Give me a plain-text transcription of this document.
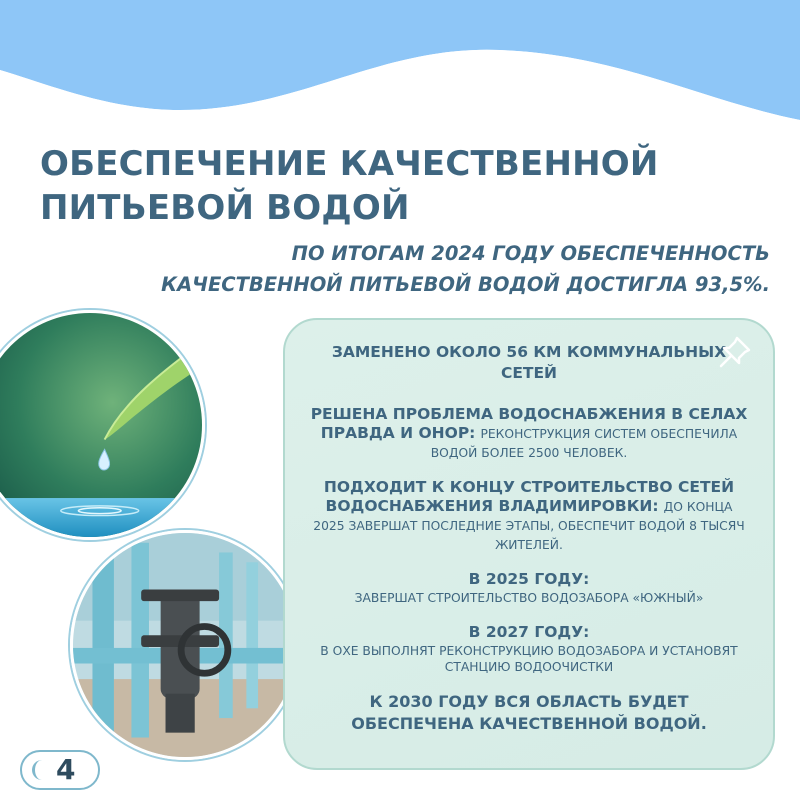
ОБЕСПЕЧЕНИЕ КАЧЕСТВЕННОЙ
ПИТЬЕВОЙ ВОДОЙ
ПО ИТОГАМ 2024 ГОДУ ОБЕСПЕЧЕННОСТЬ
КАЧЕСТВЕННОЙ ПИТЬЕВОЙ ВОДОЙ ДОСТИГЛА 93,5%.
ЗАМЕНЕНО ОКОЛО 56 КМ КОММУНАЛЬНЫХ СЕТЕЙ
РЕШЕНА ПРОБЛЕМА ВОДОСНАБЖЕНИЯ В СЕЛАХ ПРАВДА И ОНОР: РЕКОНСТРУКЦИЯ СИСТЕМ ОБЕСПЕЧИЛА ВОДОЙ БОЛЕЕ 2500 ЧЕЛОВЕК.
ПОДХОДИТ К КОНЦУ СТРОИТЕЛЬСТВО СЕТЕЙ ВОДОСНАБЖЕНИЯ ВЛАДИМИРОВКИ: ДО КОНЦА 2025 ЗАВЕРШАТ ПОСЛЕДНИЕ ЭТАПЫ, ОБЕСПЕЧИТ ВОДОЙ 8 ТЫСЯЧ ЖИТЕЛЕЙ.
В 2025 ГОДУ:
ЗАВЕРШАТ СТРОИТЕЛЬСТВО ВОДОЗАБОРА «ЮЖНЫЙ»
В 2027 ГОДУ:
В ОХЕ ВЫПОЛНЯТ РЕКОНСТРУКЦИЮ ВОДОЗАБОРА И УСТАНОВЯТ СТАНЦИЮ ВОДООЧИСТКИ
К 2030 ГОДУ ВСЯ ОБЛАСТЬ БУДЕТ ОБЕСПЕЧЕНА КАЧЕСТВЕННОЙ ВОДОЙ.
4
